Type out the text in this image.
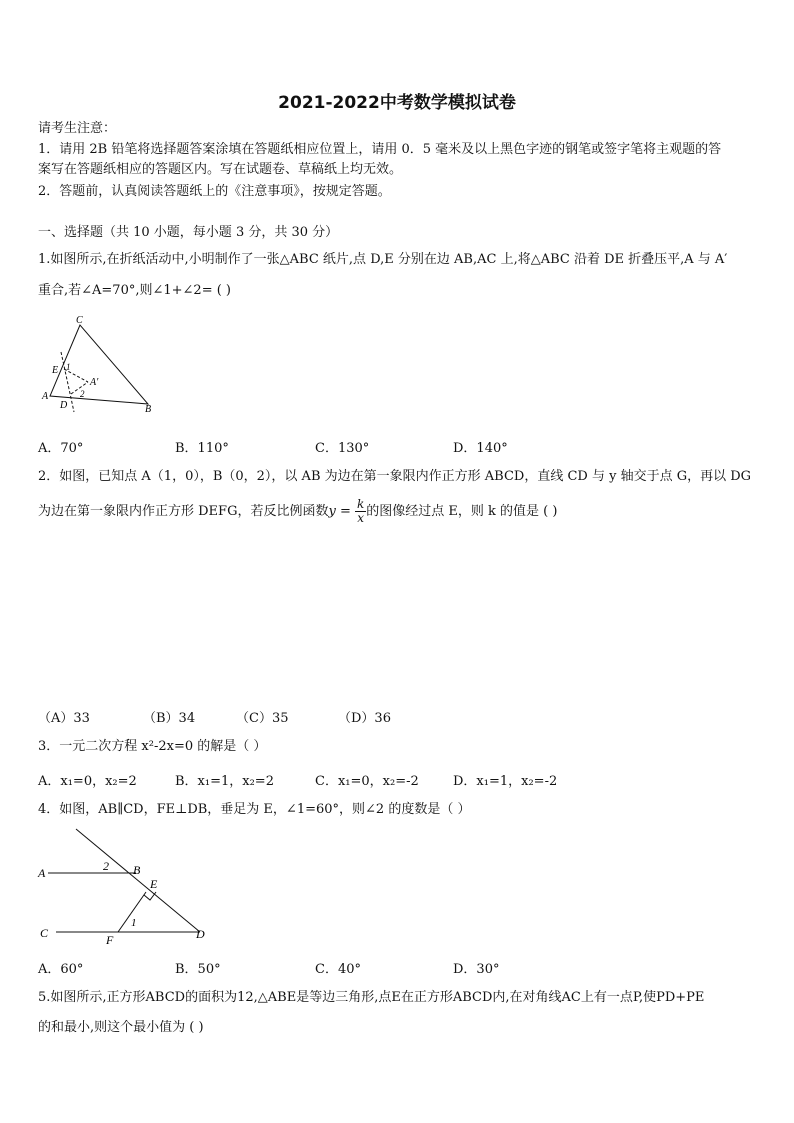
2021-2022中考数学模拟试卷
请考生注意：
1．请用 2B 铅笔将选择题答案涂填在答题纸相应位置上，请用 0．5 毫米及以上黑色字迹的钢笔或签字笔将主观题的答
案写在答题纸相应的答题区内。写在试题卷、草稿纸上均无效。
2．答题前，认真阅读答题纸上的《注意事项》，按规定答题。
一、选择题（共 10 小题，每小题 3 分，共 30 分）
1.如图所示,在折纸活动中,小明制作了一张△ABC 纸片,点 D,E 分别在边 AB,AC 上,将△ABC 沿着 DE 折叠压平,A 与 A′
重合,若∠A=70°,则∠1+∠2= ( )
C
E 1
A′
A
D
2
B
A．70°	B．110°	C．130°	D．140°
2．如图，已知点 A（1，0），B（0，2），以 AB 为边在第一象限内作正方形 ABCD，直线 CD 与 y 轴交于点 G，再以 DG
为边在第一象限内作正方形 DEFG，若反比例函数$y = \frac{k}{x}$ 的图像经过点 E，则 k 的值是 ( )
（A）33	（B）34	（C）35	（D）36
3．一元二次方程 x²-2x=0 的解是（ ）
A．x₁=0，x₂=2	B．x₁=1，x₂=2	C．x₁=0，x₂=-2	D．x₁=1，x₂=-2
4．如图，AB∥CD，FE⊥DB，垂足为 E，∠1=60°，则∠2 的度数是（ ）
A	2 B
E
1
C	F	D
A．60°	B．50°	C．40°	D．30°
5.如图所示,正方形ABCD的面积为12,△ABE是等边三角形,点E在正方形ABCD内,在对角线AC上有一点P,使PD+PE
的和最小,则这个最小值为 ( )
